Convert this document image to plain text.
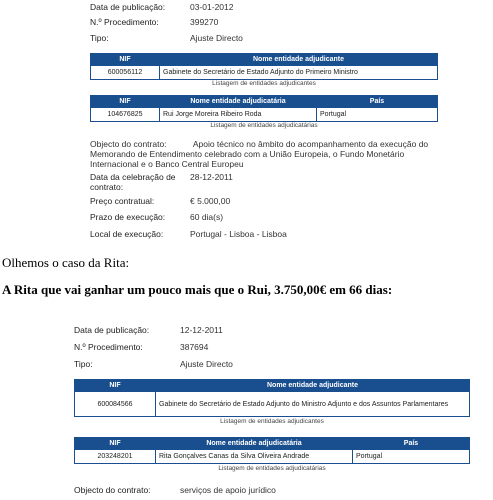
Data de publicação:	03-01-2012
N.º Procedimento:	399270
Tipo:	Ajuste Directo
NIF	Nome entidade adjudicante
600056112	Gabinete do Secretário de Estado Adjunto do Primeiro Ministro
Listagem de entidades adjudicantes
NIF	Nome entidade adjudicatária	País
104676825	Rui Jorge Moreira Ribeiro Roda	Portugal
Listagem de entidades adjudicatárias
Objecto do contrato:	Apoio técnico no âmbito do acompanhamento da execução do Memorando de Entendimento celebrado com a União Europeia, o Fundo Monetário Internacional e o Banco Central Europeu
Data da celebração de contrato:
28-12-2011
Preço contratual:	€ 5.000,00
Prazo de execução:	60 dia(s)
Local de execução:	Portugal - Lisboa - Lisboa
Olhemos o caso da Rita:
A Rita que vai ganhar um pouco mais que o Rui, 3.750,00€ em 66 dias:
Data de publicação:	12-12-2011
N.º Procedimento:	387694
Tipo:	Ajuste Directo
NIF	Nome entidade adjudicante
600084566	Gabinete do Secretário de Estado Adjunto do Ministro Adjunto e dos Assuntos Parlamentares
Listagem de entidades adjudicantes
NIF	Nome entidade adjudicatária	País
203248201	Rita Gonçalves Canas da Silva Oliveira Andrade	Portugal
Listagem de entidades adjudicatárias
Objecto do contrato:	serviços de apoio jurídico
